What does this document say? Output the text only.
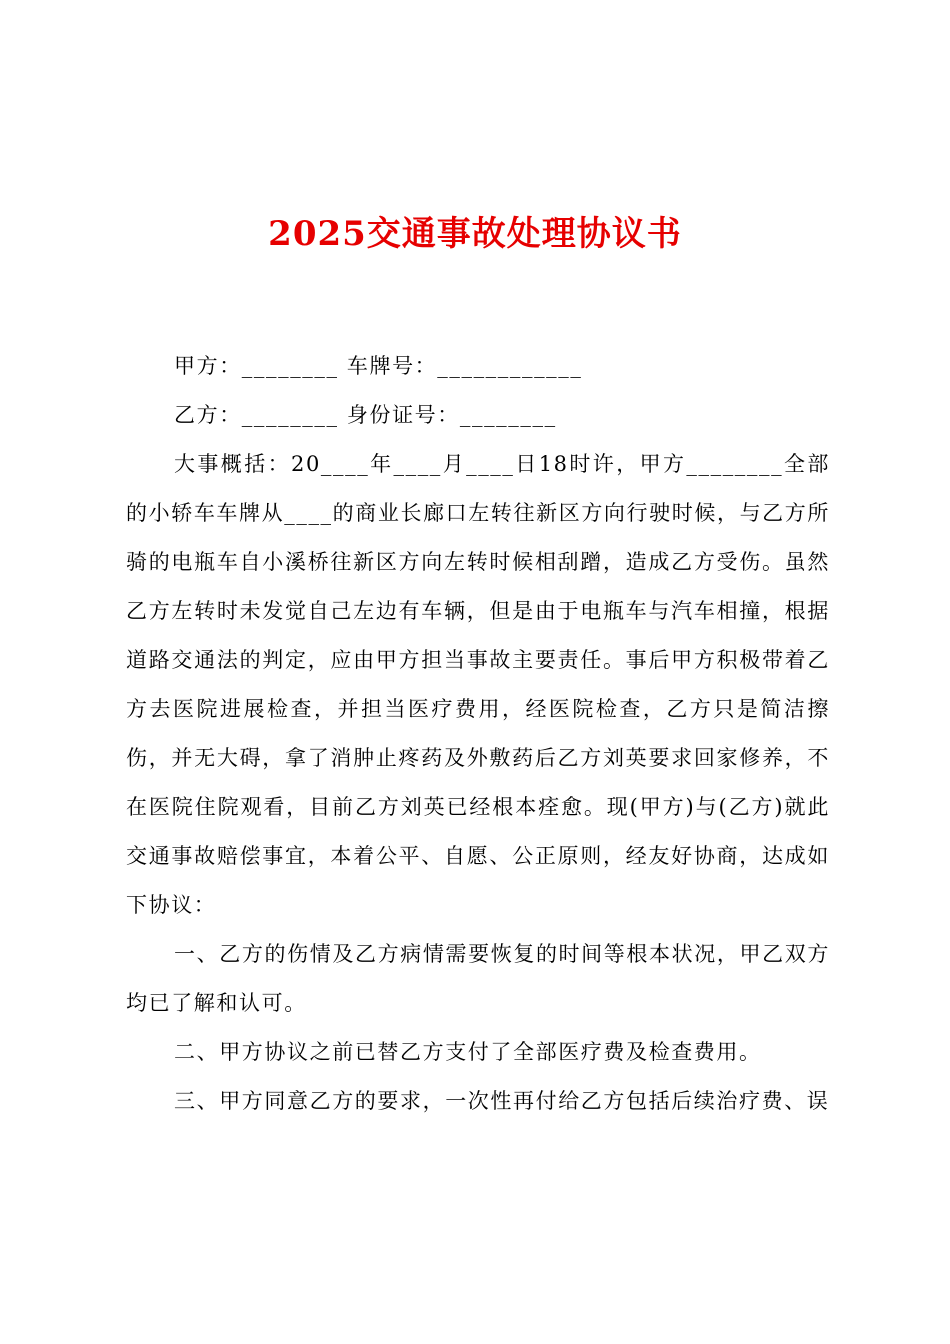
2025交通事故处理协议书

甲方：________ 车牌号：____________

乙方：________ 身份证号：________

大事概括：20____年____月____日18时许，甲方________全部的小轿车车牌从____的商业长廊口左转往新区方向行驶时候，与乙方所骑的电瓶车自小溪桥往新区方向左转时候相刮蹭，造成乙方受伤。虽然乙方左转时未发觉自己左边有车辆，但是由于电瓶车与汽车相撞，根据道路交通法的判定，应由甲方担当事故主要责任。事后甲方积极带着乙方去医院进展检查，并担当医疗费用，经医院检查，乙方只是简洁擦伤，并无大碍，拿了消肿止疼药及外敷药后乙方刘英要求回家修养，不在医院住院观看，目前乙方刘英已经根本痊愈。现(甲方)与(乙方)就此交通事故赔偿事宜，本着公平、自愿、公正原则，经友好协商，达成如下协议：

一、乙方的伤情及乙方病情需要恢复的时间等根本状况，甲乙双方均已了解和认可。

二、甲方协议之前已替乙方支付了全部医疗费及检查费用。

三、甲方同意乙方的要求，一次性再付给乙方包括后续治疗费、误
